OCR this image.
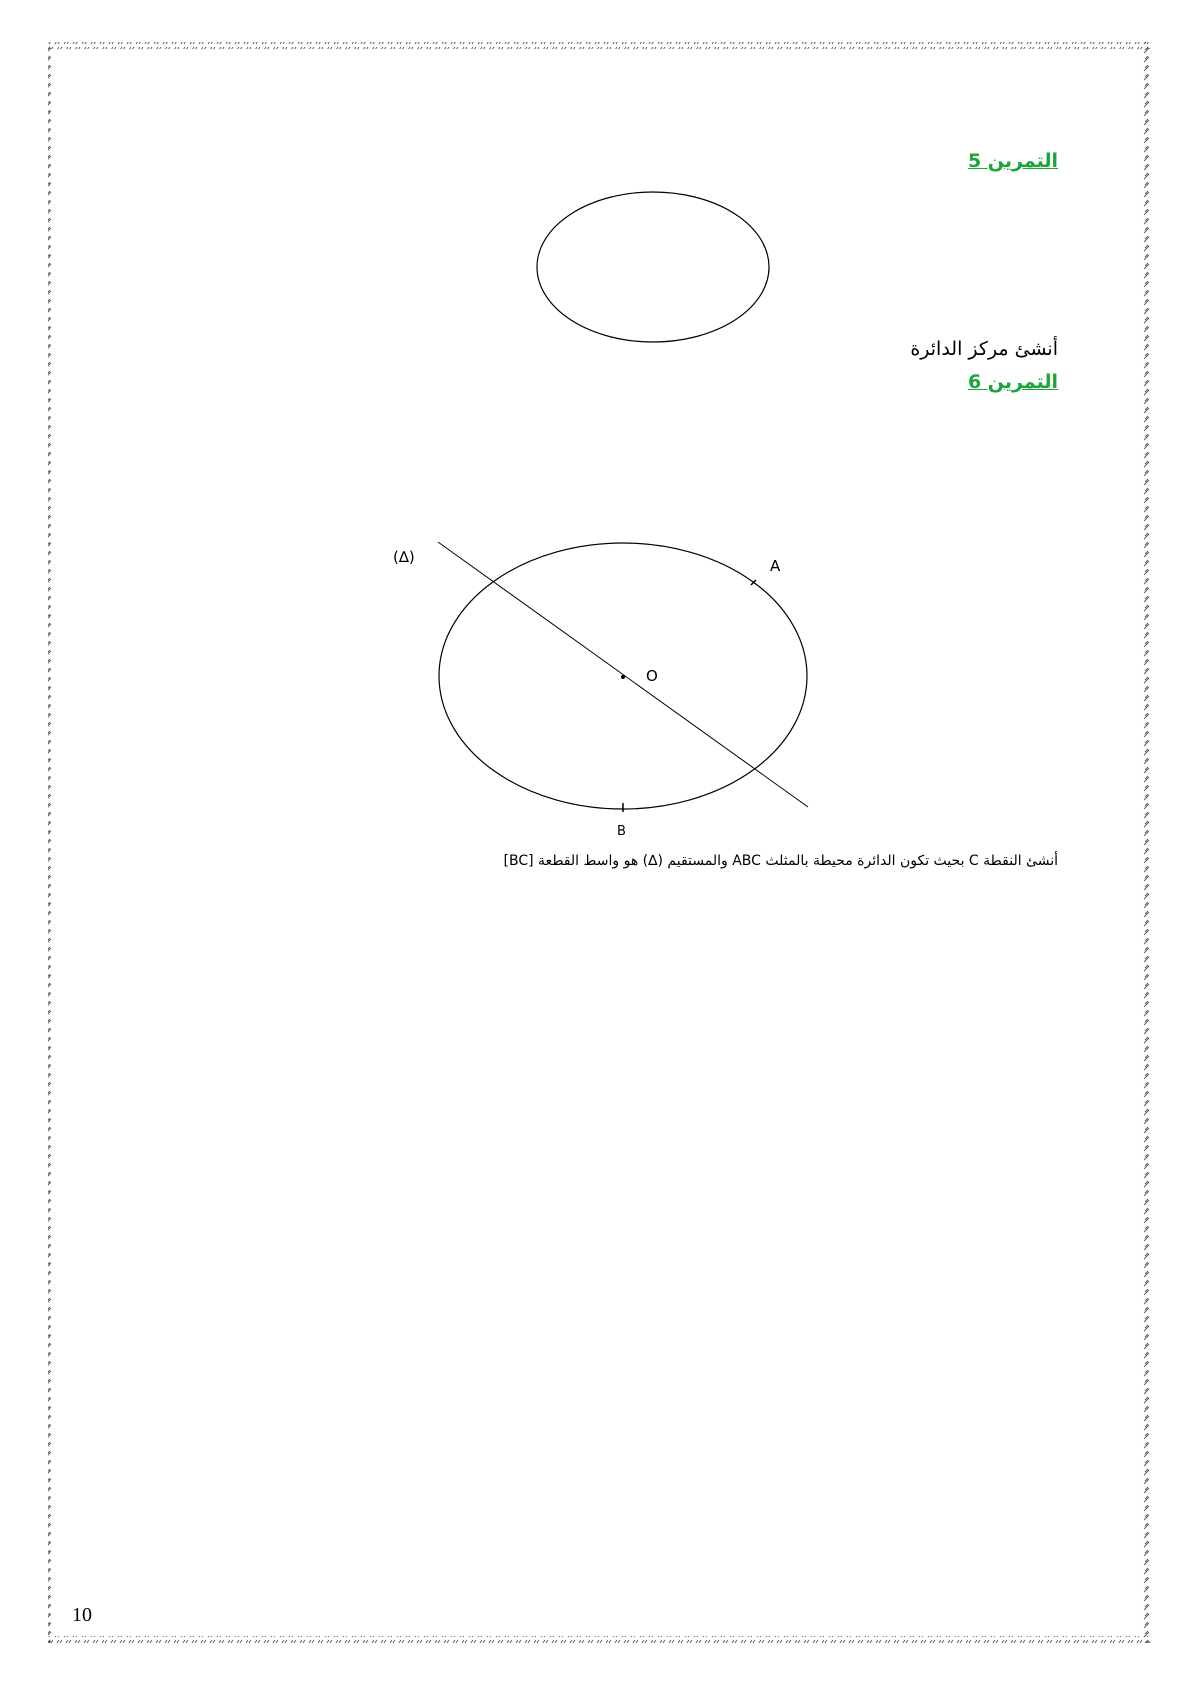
التمرين 5
أنشئ مركز الدائرة
التمرين 6
(∆)	A
O
B
أنشئ النقطة C بحيث تكون الدائرة محيطة بالمثلث ABC والمستقيم (∆) هو واسط القطعة [BC]
10
